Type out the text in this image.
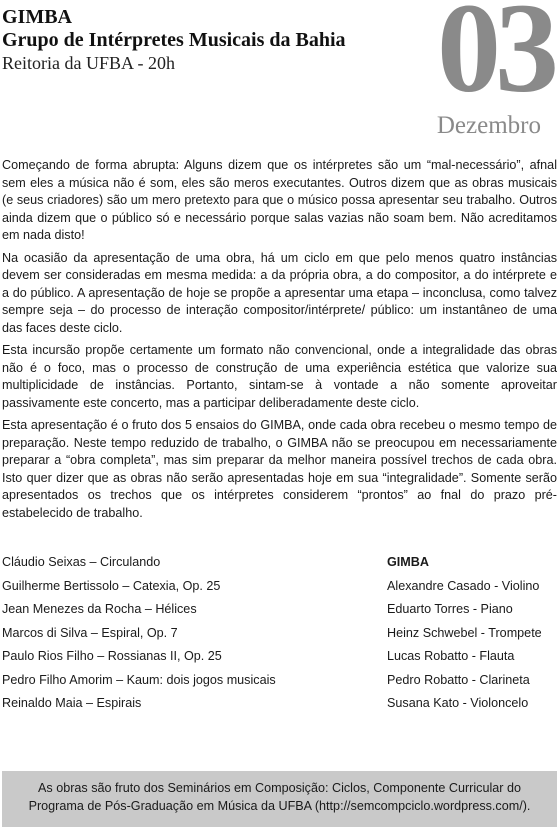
GIMBA
Grupo de Intérpretes Musicais da Bahia
Reitoria da UFBA - 20h	03
Dezembro

Começando de forma abrupta: Alguns dizem que os intérpretes são um “mal-necessário”, afnal sem eles a música não é som, eles são meros executantes. Outros dizem que as obras musicais (e seus criadores) são um mero pretexto para que o músico possa apresentar seu trabalho. Outros ainda dizem que o público só e necessário porque salas vazias não soam bem. Não acreditamos em nada disto!

Na ocasião da apresentação de uma obra, há um ciclo em que pelo menos quatro instâncias devem ser consideradas em mesma medida: a da própria obra, a do compositor, a do intérprete e a do público. A apresentação de hoje se propõe a apresentar uma etapa – inconclusa, como talvez sempre seja – do processo de interação compositor/intérprete/ público: um instantâneo de uma das faces deste ciclo.

Esta incursão propõe certamente um formato não convencional, onde a integralidade das obras não é o foco, mas o processo de construção de uma experiência estética que valorize sua multiplicidade de instâncias. Portanto, sintam-se à vontade a não somente aproveitar passivamente este concerto, mas a participar deliberadamente deste ciclo.

Esta apresentação é o fruto dos 5 ensaios do GIMBA, onde cada obra recebeu o mesmo tempo de preparação. Neste tempo reduzido de trabalho, o GIMBA não se preocupou em necessariamente preparar a “obra completa”, mas sim preparar da melhor maneira possível trechos de cada obra. Isto quer dizer que as obras não serão apresentadas hoje em sua “integralidade”. Somente serão apresentados os trechos que os intérpretes considerem “prontos” ao fnal do prazo pré-estabelecido de trabalho.

Cláudio Seixas – Circulando
Guilherme Bertissolo – Catexia, Op. 25
Jean Menezes da Rocha – Hélices
Marcos di Silva – Espiral, Op. 7
Paulo Rios Filho – Rossianas II, Op. 25
Pedro Filho Amorim – Kaum: dois jogos musicais
Reinaldo Maia – Espirais
GIMBA
Alexandre Casado - Violino
Eduarto Torres - Piano
Heinz Schwebel - Trompete
Lucas Robatto - Flauta
Pedro Robatto - Clarineta
Susana Kato - Violoncelo
As obras são fruto dos Seminários em Composição: Ciclos, Componente Curricular do Programa de Pós-Graduação em Música da UFBA (http://semcompciclo.wordpress.com/).
